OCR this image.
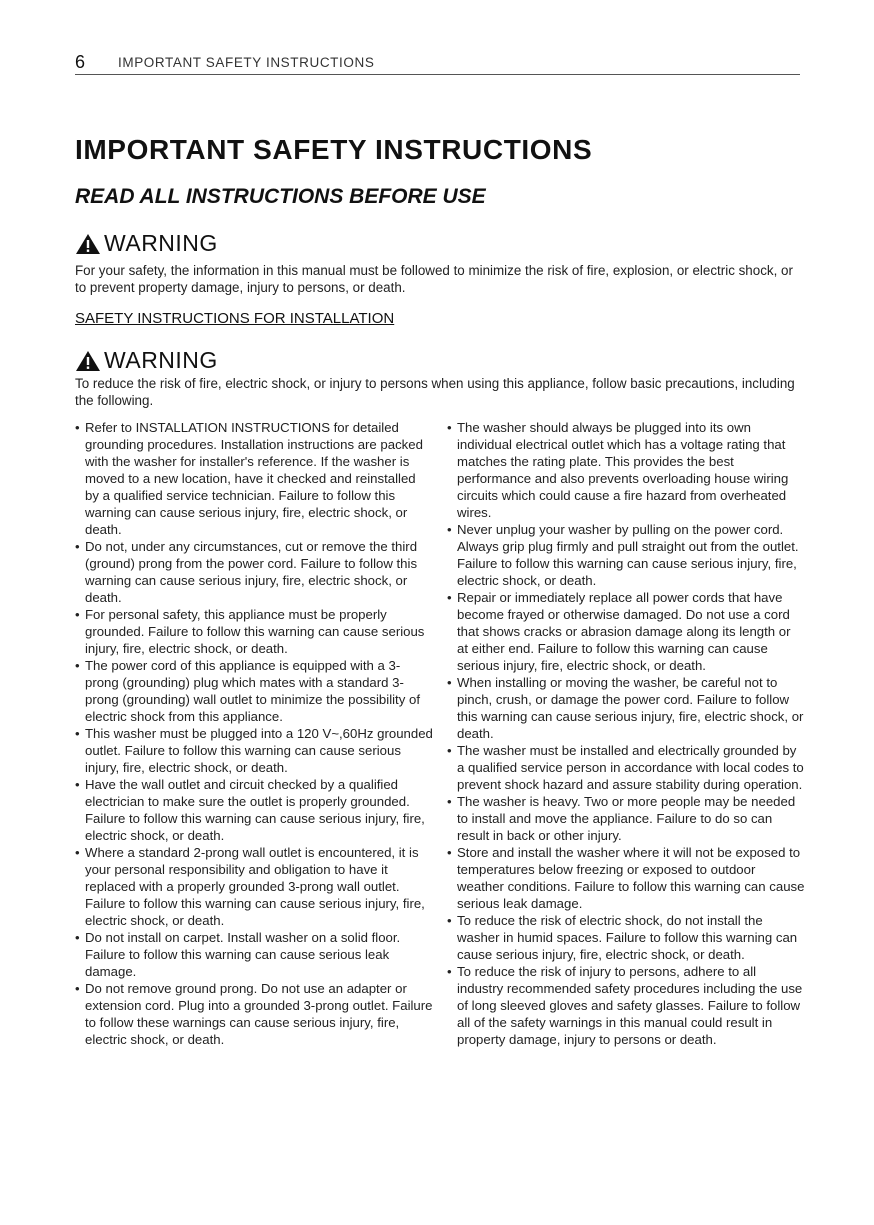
6 IMPORTANT SAFETY INSTRUCTIONS
IMPORTANT SAFETY INSTRUCTIONS
READ ALL INSTRUCTIONS BEFORE USE
WARNING
For your safety, the information in this manual must be followed to minimize the risk of fire, explosion, or electric shock, or to prevent property damage, injury to persons, or death.
SAFETY INSTRUCTIONS FOR INSTALLATION
WARNING
To reduce the risk of fire, electric shock, or injury to persons when using this appliance, follow basic precautions, including the following.
• Refer to INSTALLATION INSTRUCTIONS for detailed grounding procedures. Installation instructions are packed with the washer for installer's reference. If the washer is moved to a new location, have it checked and reinstalled by a qualified service technician. Failure to follow this warning can cause serious injury, fire, electric shock, or death.
• Do not, under any circumstances, cut or remove the third (ground) prong from the power cord. Failure to follow this warning can cause serious injury, fire, electric shock, or death.
• For personal safety, this appliance must be properly grounded. Failure to follow this warning can cause serious injury, fire, electric shock, or death.
• The power cord of this appliance is equipped with a 3-prong (grounding) plug which mates with a standard 3-prong (grounding) wall outlet to minimize the possibility of electric shock from this appliance.
• This washer must be plugged into a 120 V~,60Hz grounded outlet. Failure to follow this warning can cause serious injury, fire, electric shock, or death.
• Have the wall outlet and circuit checked by a qualified electrician to make sure the outlet is properly grounded. Failure to follow this warning can cause serious injury, fire, electric shock, or death.
• Where a standard 2-prong wall outlet is encountered, it is your personal responsibility and obligation to have it replaced with a properly grounded 3-prong wall outlet. Failure to follow this warning can cause serious injury, fire, electric shock, or death.
• Do not install on carpet. Install washer on a solid floor. Failure to follow this warning can cause serious leak damage.
• Do not remove ground prong. Do not use an adapter or extension cord. Plug into a grounded 3-prong outlet. Failure to follow these warnings can cause serious injury, fire, electric shock, or death.
• The washer should always be plugged into its own individual electrical outlet which has a voltage rating that matches the rating plate. This provides the best performance and also prevents overloading house wiring circuits which could cause a fire hazard from overheated wires.
• Never unplug your washer by pulling on the power cord. Always grip plug firmly and pull straight out from the outlet. Failure to follow this warning can cause serious injury, fire, electric shock, or death.
• Repair or immediately replace all power cords that have become frayed or otherwise damaged. Do not use a cord that shows cracks or abrasion damage along its length or at either end. Failure to follow this warning can cause serious injury, fire, electric shock, or death.
• When installing or moving the washer, be careful not to pinch, crush, or damage the power cord. Failure to follow this warning can cause serious injury, fire, electric shock, or death.
• The washer must be installed and electrically grounded by a qualified service person in accordance with local codes to prevent shock hazard and assure stability during operation.
• The washer is heavy. Two or more people may be needed to install and move the appliance. Failure to do so can result in back or other injury.
• Store and install the washer where it will not be exposed to temperatures below freezing or exposed to outdoor weather conditions. Failure to follow this warning can cause serious leak damage.
• To reduce the risk of electric shock, do not install the washer in humid spaces. Failure to follow this warning can cause serious injury, fire, electric shock, or death.
• To reduce the risk of injury to persons, adhere to all industry recommended safety procedures including the use of long sleeved gloves and safety glasses. Failure to follow all of the safety warnings in this manual could result in property damage, injury to persons or death.
